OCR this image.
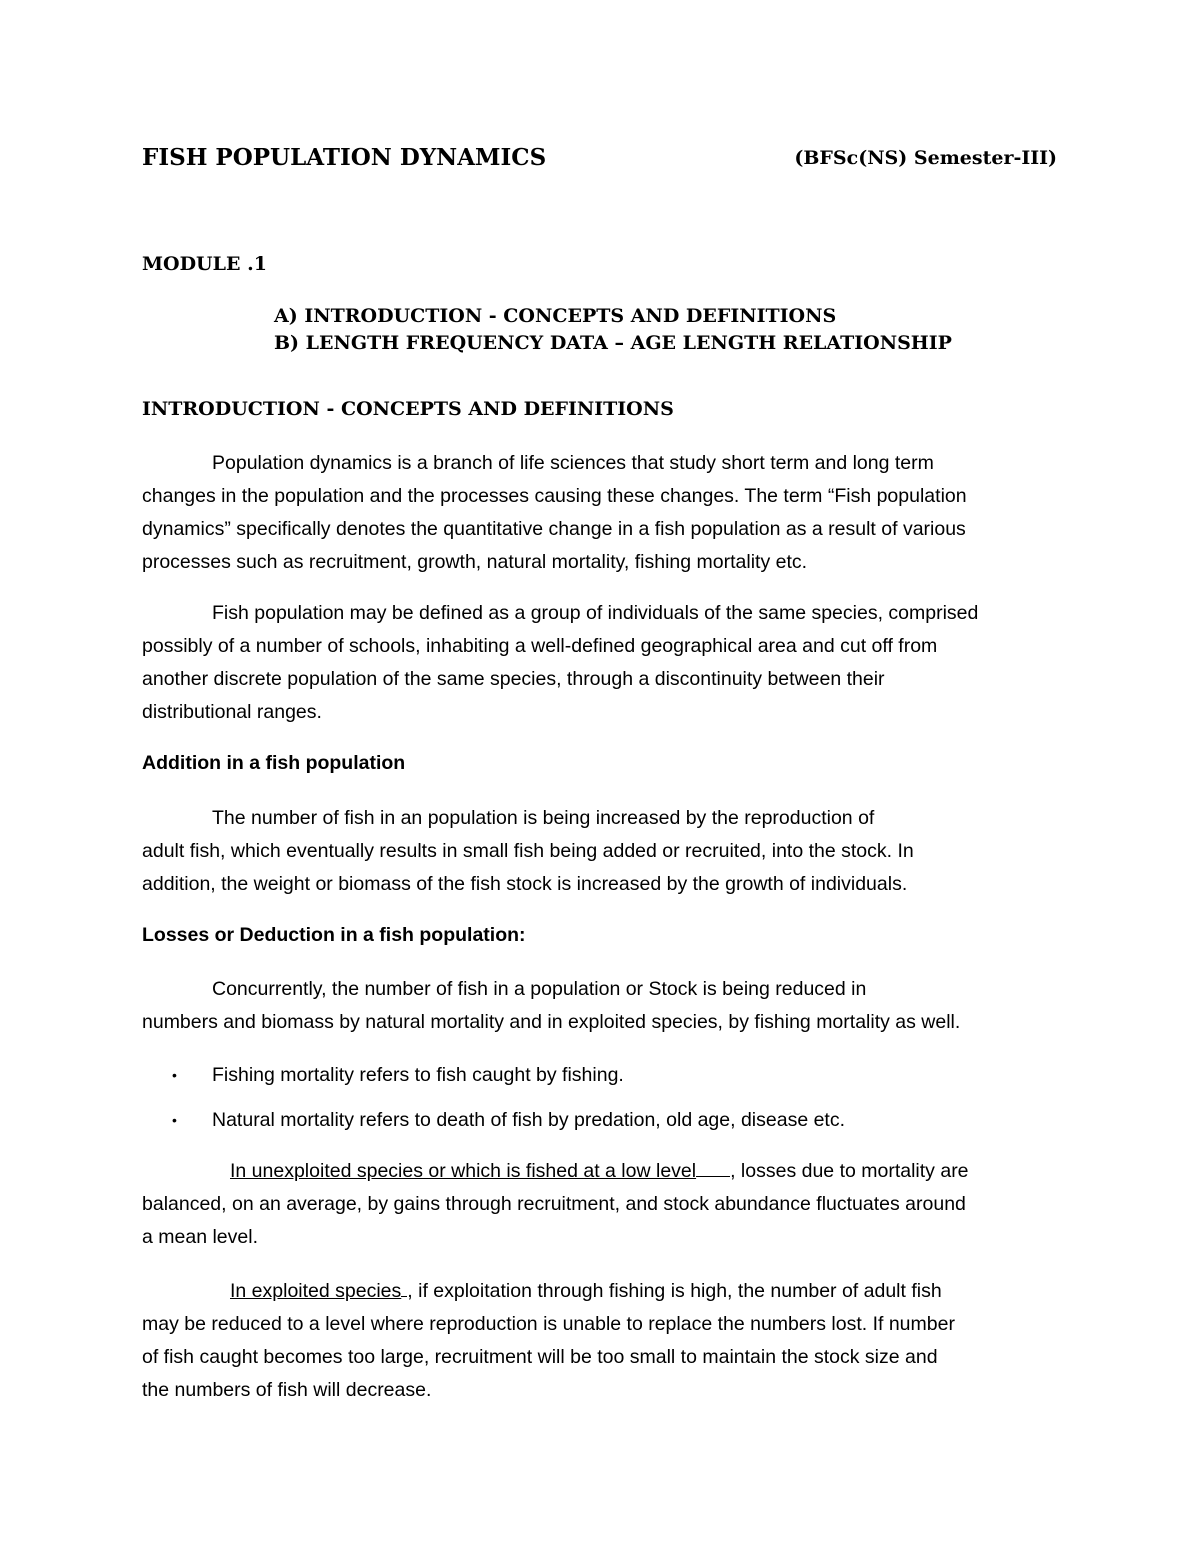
FISH POPULATION DYNAMICS	(BFSc(NS) Semester-III)
MODULE .1
A) INTRODUCTION - CONCEPTS AND DEFINITIONS
B) LENGTH FREQUENCY DATA – AGE LENGTH RELATIONSHIP
INTRODUCTION - CONCEPTS AND DEFINITIONS
Population dynamics is a branch of life sciences that study short term and long term
changes in the population and the processes causing these changes. The term “Fish population
dynamics” specifically denotes the quantitative change in a fish population as a result of various
processes such as recruitment, growth, natural mortality, fishing mortality etc.
Fish population may be defined as a group of individuals of the same species, comprised
possibly of a number of schools, inhabiting a well-defined geographical area and cut off from
another discrete population of the same species, through a discontinuity between their
distributional ranges.
Addition in a fish population
The number of fish in an population is being increased by the reproduction of
adult fish, which eventually results in small fish being added or recruited, into the stock. In
addition, the weight or biomass of the fish stock is increased by the growth of individuals.
Losses or Deduction in a fish population:
Concurrently, the number of fish in a population or Stock is being reduced in
numbers and biomass by natural mortality and in exploited species, by fishing mortality as well.
• Fishing mortality refers to fish caught by fishing.
• Natural mortality refers to death of fish by predation, old age, disease etc.
In unexploited species or which is fished at a low level , losses due to mortality are
balanced, on an average, by gains through recruitment, and stock abundance fluctuates around
a mean level.
In exploited species , if exploitation through fishing is high, the number of adult fish
may be reduced to a level where reproduction is unable to replace the numbers lost. If number
of fish caught becomes too large, recruitment will be too small to maintain the stock size and
the numbers of fish will decrease.
